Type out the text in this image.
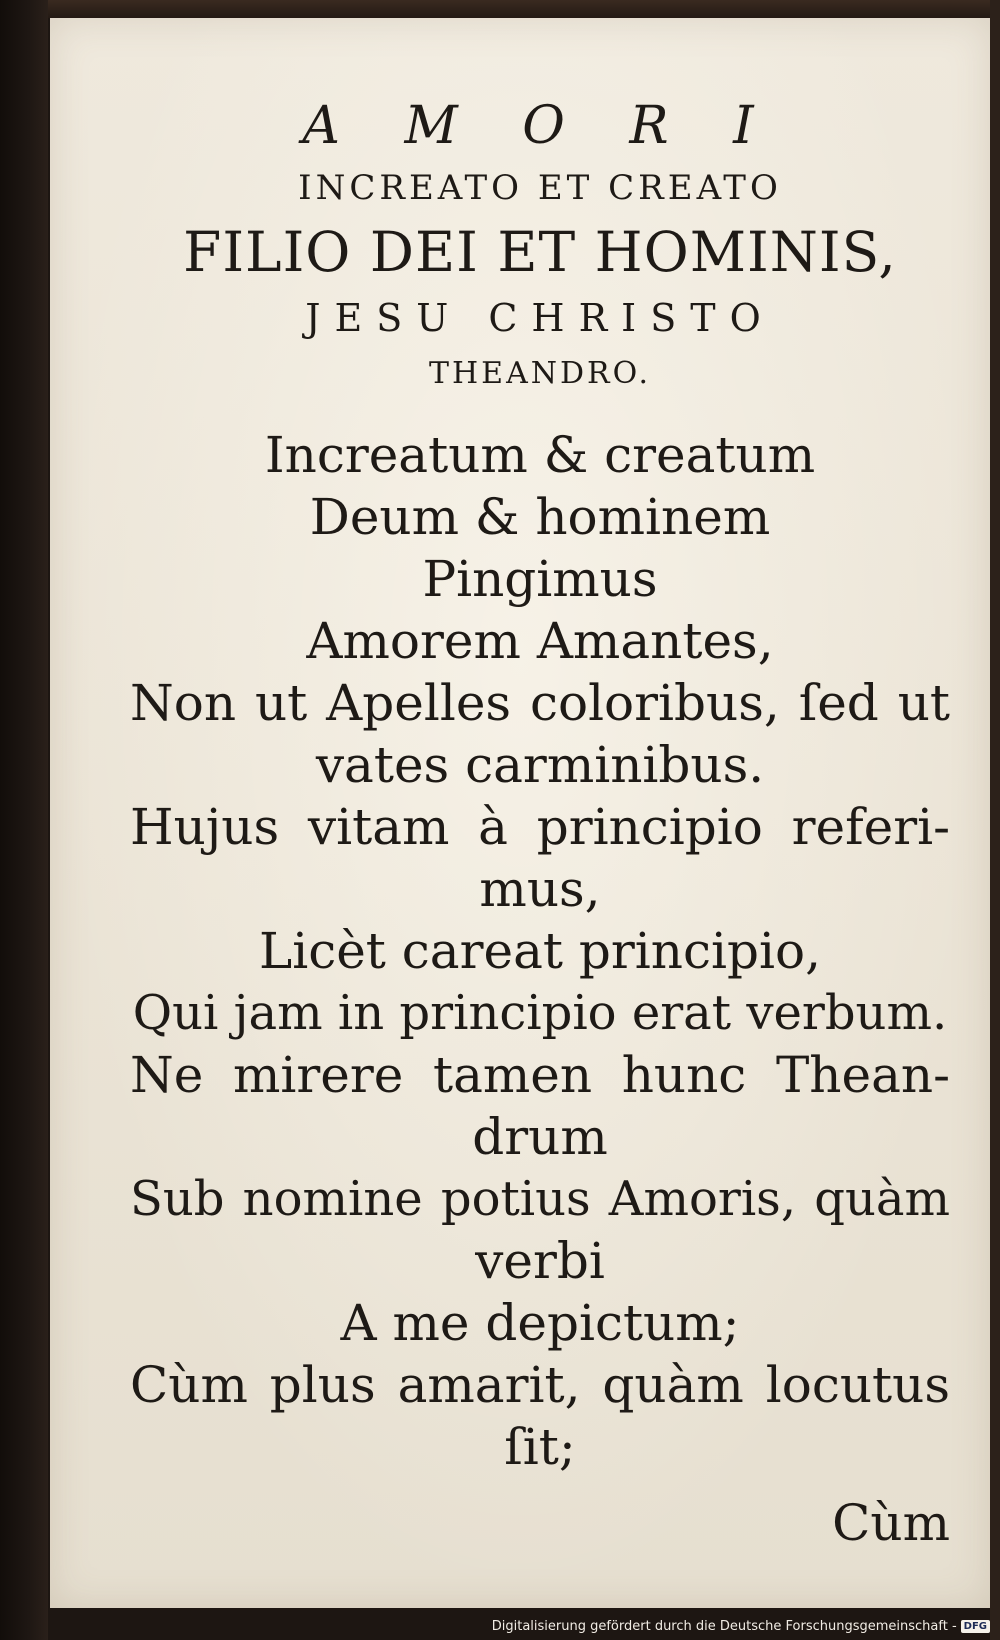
A M O R I
INCREATO ET CREATO
FILIO DEI ET HOMINIS,
JESU CHRISTO
THEANDRO.
Increatum & creatum
Deum & hominem
Pingimus
Amorem Amantes,
Non ut Apelles coloribus, ſed ut
vates carminibus.
Hujus vitam à principio referi-
mus,
Licèt careat principio,
Qui jam in principio erat verbum.
Ne mirere tamen hunc Thean-
drum
Sub nomine potius Amoris, quàm
verbi
A me depictum;
Cùm plus amarit, quàm locutus
ſit;
Cùm
Digitalisierung gefördert durch die Deutsche Forschungsgemeinschaft - DFG
